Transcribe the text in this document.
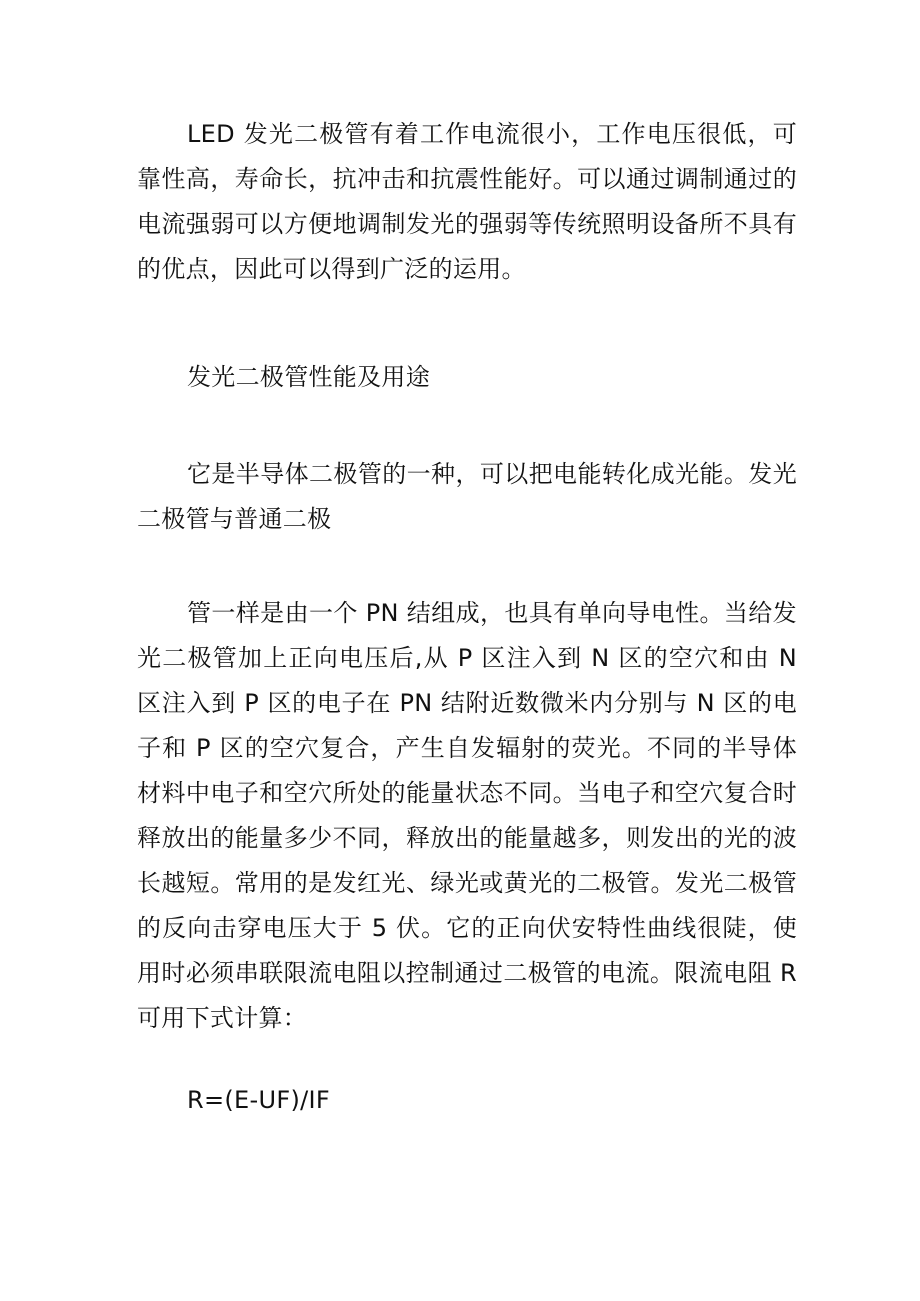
LED 发光二极管有着工作电流很小，工作电压很低，可靠性高，寿命长，抗冲击和抗震性能好。可以通过调制通过的电流强弱可以方便地调制发光的强弱等传统照明设备所不具有的优点，因此可以得到广泛的运用。

发光二极管性能及用途

它是半导体二极管的一种，可以把电能转化成光能。发光二极管与普通二极

管一样是由一个 PN 结组成，也具有单向导电性。当给发光二极管加上正向电压后,从 P 区注入到 N 区的空穴和由 N 区注入到 P 区的电子在 PN 结附近数微米内分别与 N 区的电子和 P 区的空穴复合，产生自发辐射的荧光。不同的半导体材料中电子和空穴所处的能量状态不同。当电子和空穴复合时释放出的能量多少不同，释放出的能量越多，则发出的光的波长越短。常用的是发红光、绿光或黄光的二极管。发光二极管的反向击穿电压大于 5 伏。它的正向伏安特性曲线很陡，使用时必须串联限流电阻以控制通过二极管的电流。限流电阻 R 可用下式计算：

R=(E-UF)/IF
